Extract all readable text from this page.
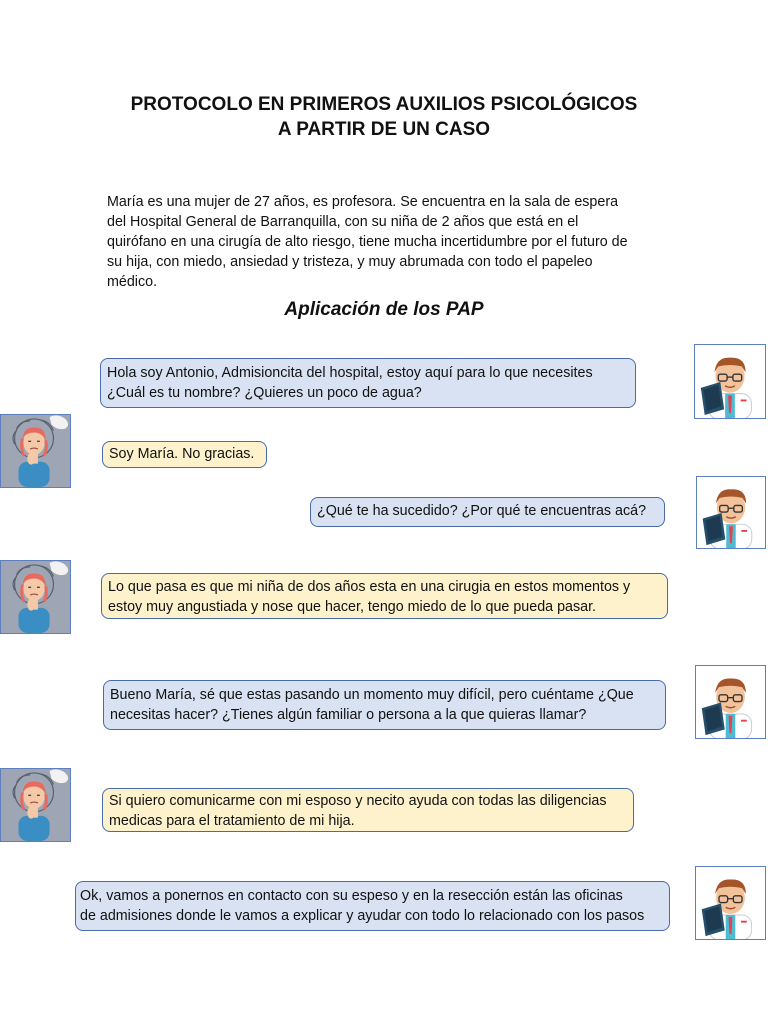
PROTOCOLO EN PRIMEROS AUXILIOS PSICOLÓGICOS
A PARTIR DE UN CASO
María es una mujer de 27 años, es profesora. Se encuentra en la sala de espera
del Hospital General de Barranquilla, con su niña de 2 años que está en el
quirófano en una cirugía de alto riesgo, tiene mucha incertidumbre por el futuro de
su hija, con miedo, ansiedad y tristeza, y muy abrumada con todo el papeleo
médico.
Aplicación de los PAP
Hola soy Antonio, Admisioncita del hospital, estoy aquí para lo que necesites
¿Cuál es tu nombre? ¿Quieres un poco de agua?
Soy María. No gracias.
¿Qué te ha sucedido? ¿Por qué te encuentras acá?
Lo que pasa es que mi niña de dos años esta en una cirugia en estos momentos y
estoy muy angustiada y nose que hacer, tengo miedo de lo que pueda pasar.
Bueno María, sé que estas pasando un momento muy difícil, pero cuéntame ¿Que
necesitas hacer? ¿Tienes algún familiar o persona a la que quieras llamar?
Si quiero comunicarme con mi esposo y necito ayuda con todas las diligencias
medicas para el tratamiento de mi hija.
Ok, vamos a ponernos en contacto con su espeso y en la resección están las oficinas
de admisiones donde le vamos a explicar y ayudar con todo lo relacionado con los pasos
